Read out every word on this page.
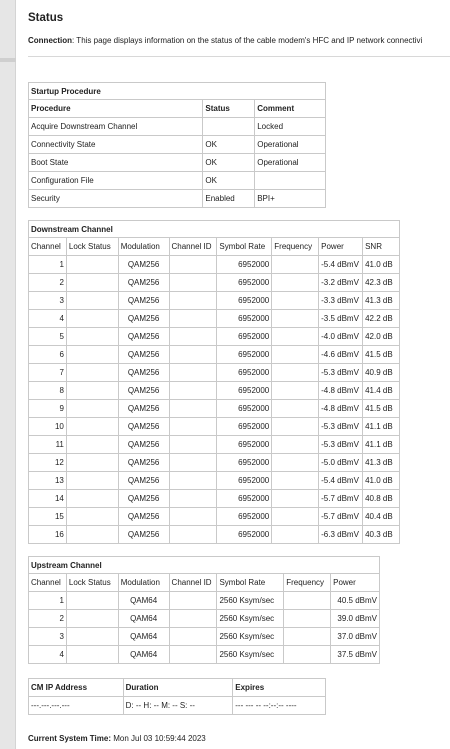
Status
Connection: This page displays information on the status of the cable modem's HFC and IP network connectivi
Startup Procedure		
Procedure	Status	Comment
Acquire Downstream Channel		Locked
Connectivity State	OK	Operational
Boot State	OK	Operational
Configuration File	OK	
Security	Enabled	BPI+
Downstream Channel							
Channel	Lock Status	Modulation	Channel ID	Symbol Rate	Frequency	Power	SNR
1		QAM256		6952000		-5.4 dBmV	41.0 dB
2		QAM256		6952000		-3.2 dBmV	42.3 dB
3		QAM256		6952000		-3.3 dBmV	41.3 dB
4		QAM256		6952000		-3.5 dBmV	42.2 dB
5		QAM256		6952000		-4.0 dBmV	42.0 dB
6		QAM256		6952000		-4.6 dBmV	41.5 dB
7		QAM256		6952000		-5.3 dBmV	40.9 dB
8		QAM256		6952000		-4.8 dBmV	41.4 dB
9		QAM256		6952000		-4.8 dBmV	41.5 dB
10		QAM256		6952000		-5.3 dBmV	41.1 dB
11		QAM256		6952000		-5.3 dBmV	41.1 dB
12		QAM256		6952000		-5.0 dBmV	41.3 dB
13		QAM256		6952000		-5.4 dBmV	41.0 dB
14		QAM256		6952000		-5.7 dBmV	40.8 dB
15		QAM256		6952000		-5.7 dBmV	40.4 dB
16		QAM256		6952000		-6.3 dBmV	40.3 dB
Upstream Channel						
Channel	Lock Status	Modulation	Channel ID	Symbol Rate	Frequency	Power
1		QAM64		2560 Ksym/sec		40.5 dBmV
2		QAM64		2560 Ksym/sec		39.0 dBmV
3		QAM64		2560 Ksym/sec		37.0 dBmV
4		QAM64		2560 Ksym/sec		37.5 dBmV
CM IP Address	Duration	Expires
---.---.---.---	D: -- H: -- M: -- S: --	--- --- -- --:--:-- ----
Current System Time: Mon Jul 03 10:59:44 2023
